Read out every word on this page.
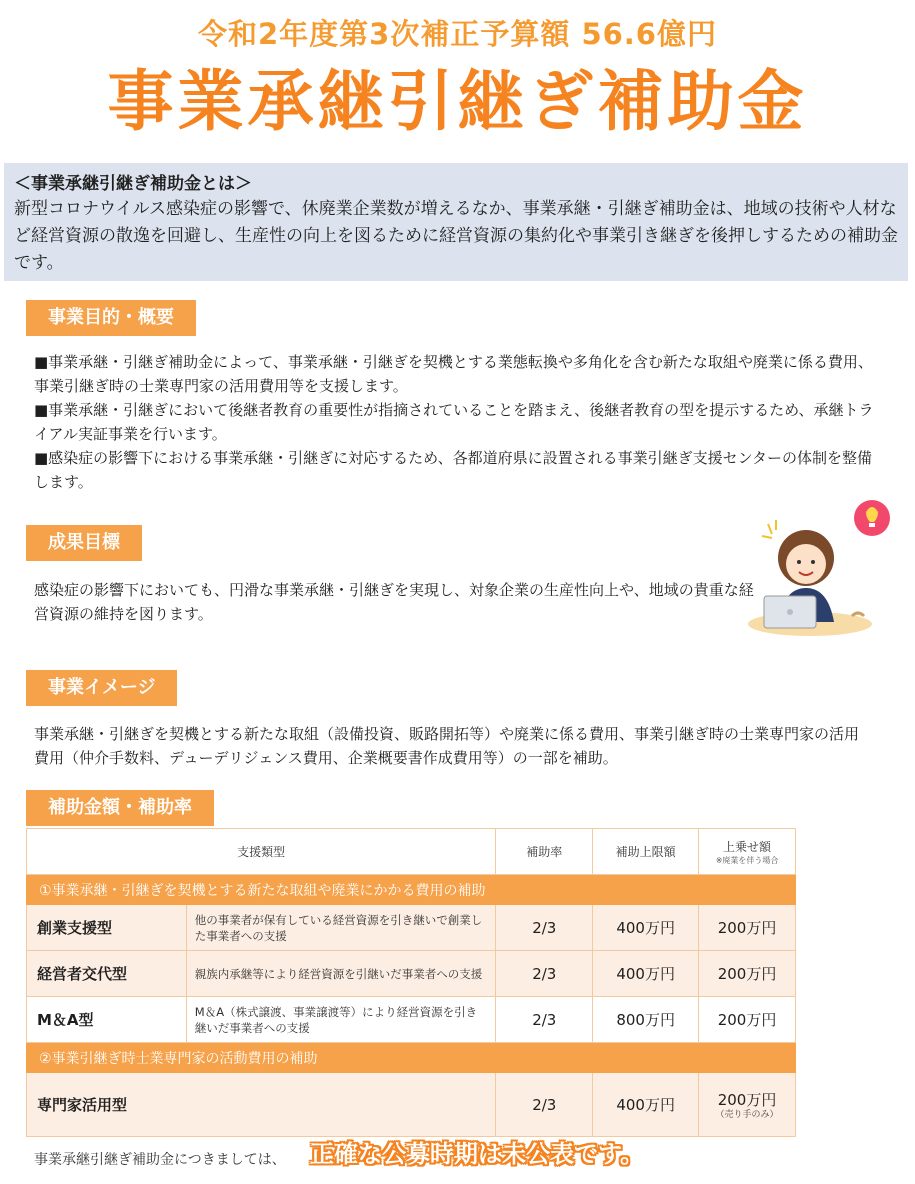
令和2年度第3次補正予算額 56.6億円
事業承継引継ぎ補助金
＜事業承継引継ぎ補助金とは＞
新型コロナウイルス感染症の影響で、休廃業企業数が増えるなか、事業承継・引継ぎ補助金は、地域の技術や人材など経営資源の散逸を回避し、生産性の向上を図るために経営資源の集約化や事業引き継ぎを後押しするための補助金です。
事業目的・概要

■事業承継・引継ぎ補助金によって、事業承継・引継ぎを契機とする業態転換や多角化を含む新たな取組や廃業に係る費用、事業引継ぎ時の士業専門家の活用費用等を支援します。

■事業承継・引継ぎにおいて後継者教育の重要性が指摘されていることを踏まえ、後継者教育の型を提示するため、承継トライアル実証事業を行います。

■感染症の影響下における事業承継・引継ぎに対応するため、各都道府県に設置される事業引継ぎ支援センターの体制を整備します。

成果目標
感染症の影響下においても、円滑な事業承継・引継ぎを実現し、対象企業の生産性向上や、地域の貴重な経営資源の維持を図ります。
事業イメージ
事業承継・引継ぎを契機とする新たな取組（設備投資、販路開拓等）や廃業に係る費用、事業引継ぎ時の士業専門家の活用費用（仲介手数料、デューデリジェンス費用、企業概要書作成費用等）の一部を補助。
補助金額・補助率
支援類型		補助率	補助上限額	上乗せ額
※廃業を伴う場合

①事業承継・引継ぎを契機とする新たな取組や廃業にかかる費用の補助				
創業支援型	他の事業者が保有している経営資源を引き継いで創業した事業者への支援	2/3	400万円	200万円
経営者交代型	親族内承継等により経営資源を引継いだ事業者への支援	2/3	400万円	200万円
M＆A型	M＆A（株式譲渡、事業譲渡等）により経営資源を引き継いだ事業者への支援	2/3	800万円	200万円
②事業引継ぎ時士業専門家の活動費用の補助				
専門家活用型		2/3	400万円	200万円
（売り手のみ）
事業承継引継ぎ補助金につきましては、 正確な公募時期は未公表です。
